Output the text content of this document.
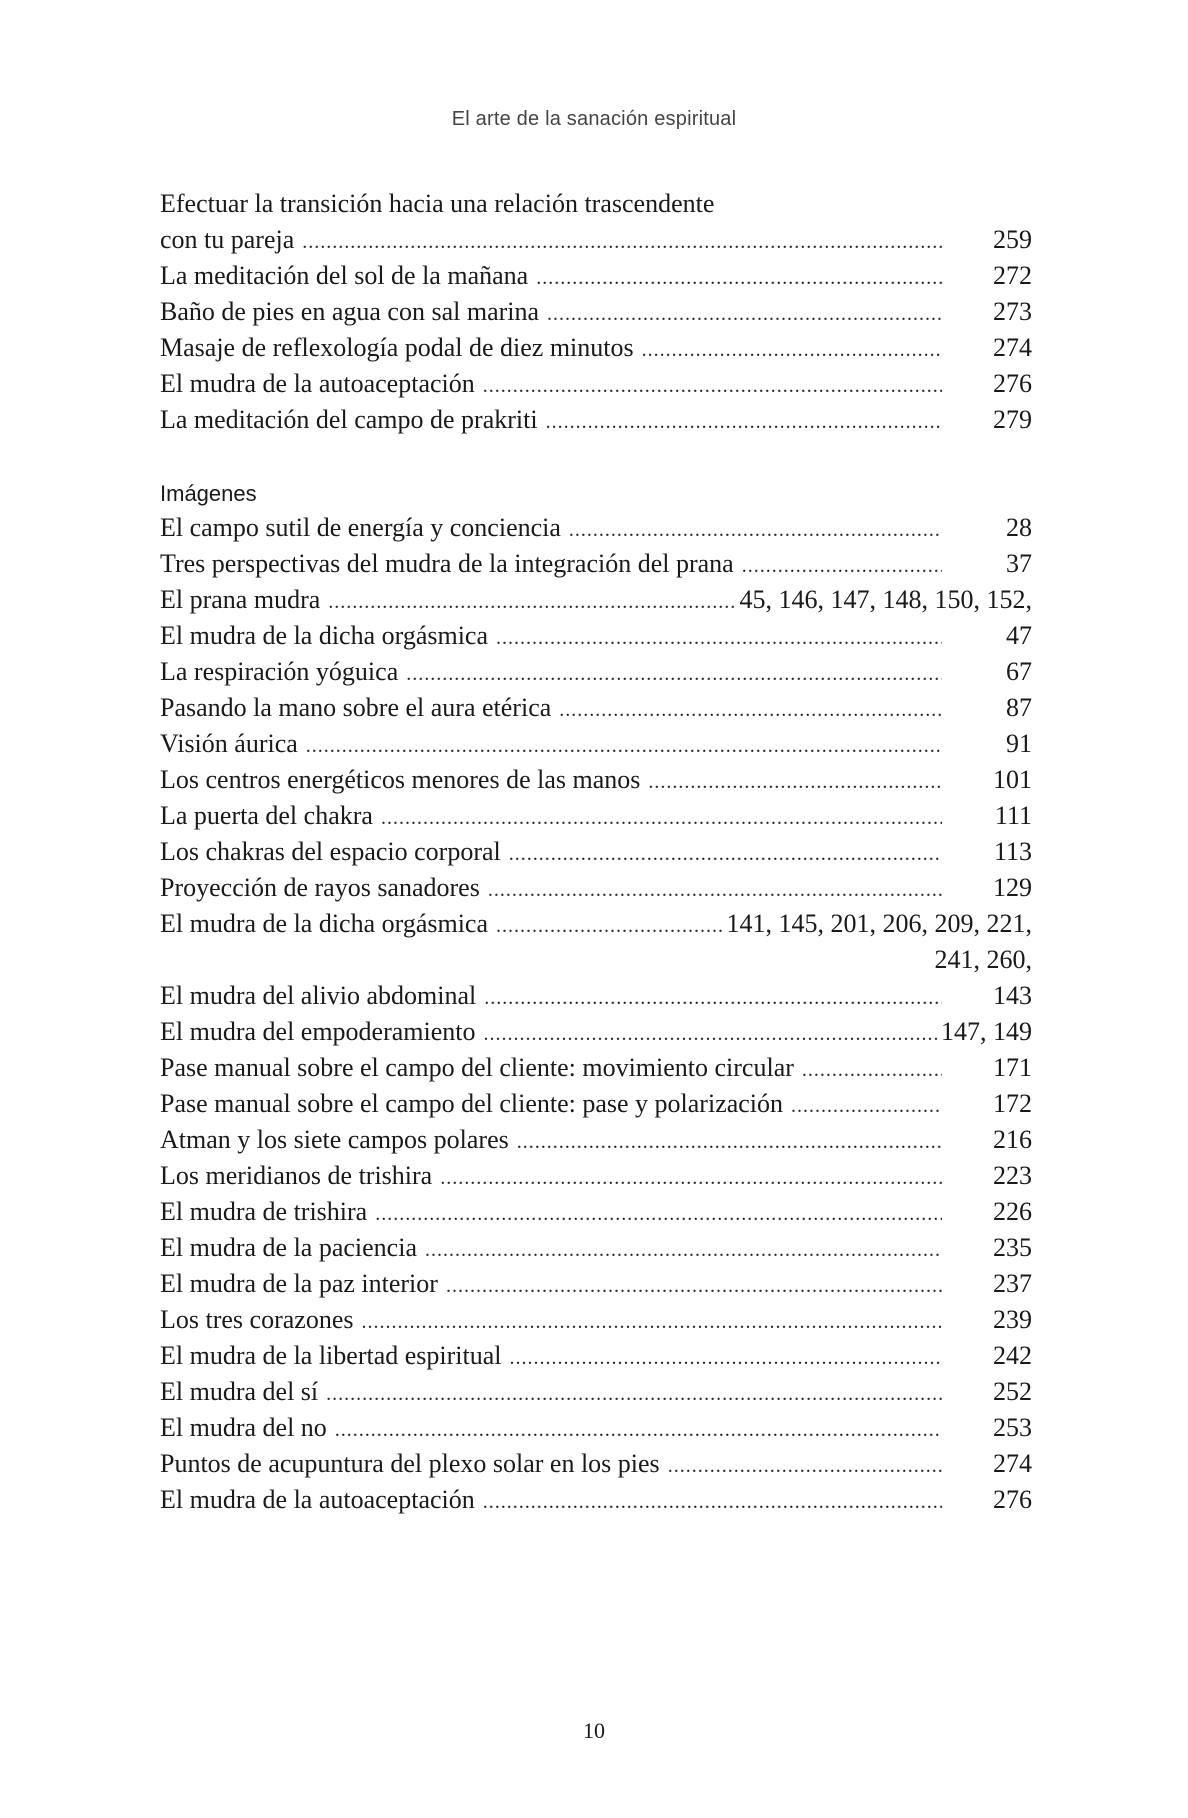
El arte de la sanación espiritual
Efectuar la transición hacia una relación trascendente
con tu pareja .....	259
La meditación del sol de la mañana .....	272
Baño de pies en agua con sal marina .....	273
Masaje de reflexología podal de diez minutos .....	274
El mudra de la autoaceptación .....	276
La meditación del campo de prakriti .....	279
Imágenes
El campo sutil de energía y conciencia .....	28
Tres perspectivas del mudra de la integración del prana .....	37
El prana mudra .....	45, 146, 147, 148, 150, 152,
El mudra de la dicha orgásmica .....	47
La respiración yóguica .....	67
Pasando la mano sobre el aura etérica .....	87
Visión áurica .....	91
Los centros energéticos menores de las manos .....	101
La puerta del chakra .....	111
Los chakras del espacio corporal .....	113
Proyección de rayos sanadores .....	129
El mudra de la dicha orgásmica .....	141, 145, 201, 206, 209, 221,
241, 260,
El mudra del alivio abdominal .....	143
El mudra del empoderamiento .....	147, 149
Pase manual sobre el campo del cliente: movimiento circular .....	171
Pase manual sobre el campo del cliente: pase y polarización .....	172
Atman y los siete campos polares .....	216
Los meridianos de trishira .....	223
El mudra de trishira .....	226
El mudra de la paciencia .....	235
El mudra de la paz interior .....	237
Los tres corazones .....	239
El mudra de la libertad espiritual .....	242
El mudra del sí .....	252
El mudra del no .....	253
Puntos de acupuntura del plexo solar en los pies .....	274
El mudra de la autoaceptación .....	276
10
